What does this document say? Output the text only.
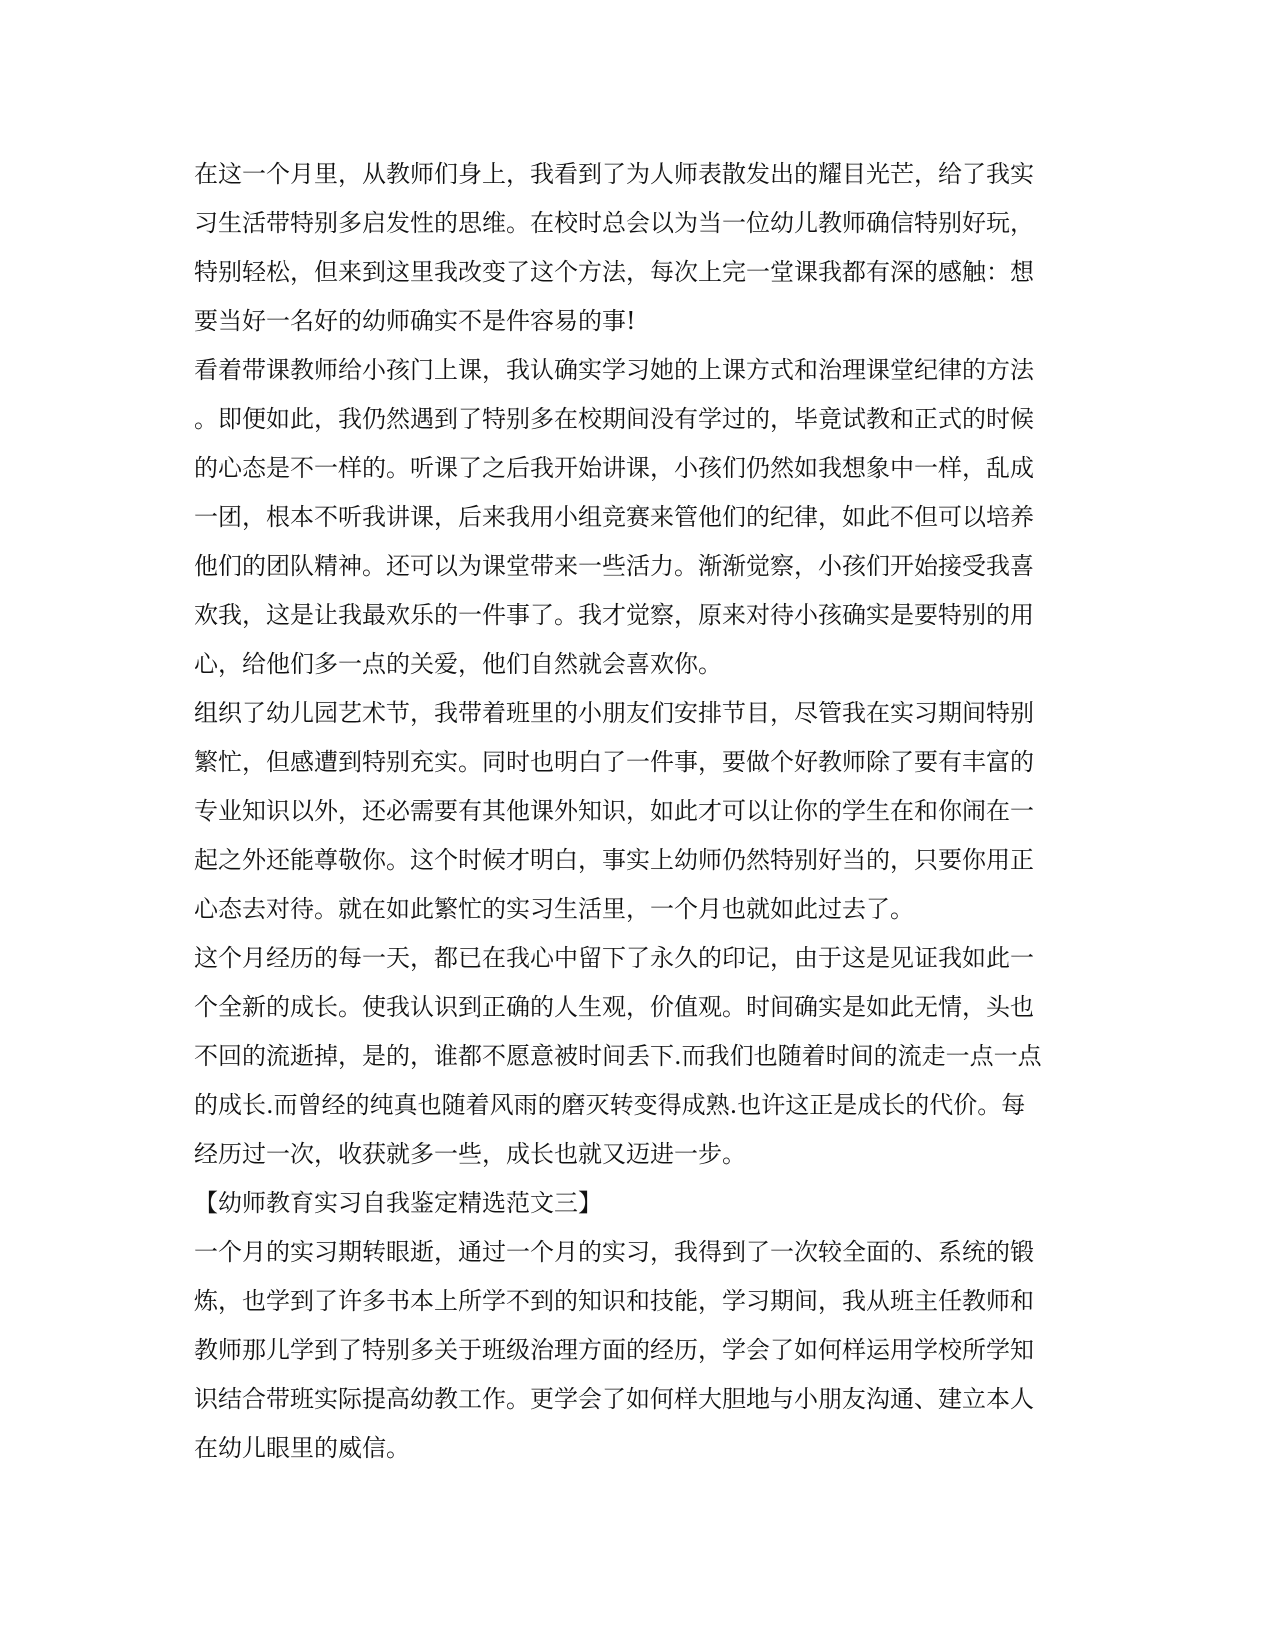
在这一个月里，从教师们身上，我看到了为人师表散发出的耀目光芒，给了我实
习生活带特别多启发性的思维。在校时总会以为当一位幼儿教师确信特别好玩，
特别轻松，但来到这里我改变了这个方法，每次上完一堂课我都有深的感触：想
要当好一名好的幼师确实不是件容易的事!
看着带课教师给小孩门上课，我认确实学习她的上课方式和治理课堂纪律的方法
。即便如此，我仍然遇到了特别多在校期间没有学过的，毕竟试教和正式的时候
的心态是不一样的。听课了之后我开始讲课，小孩们仍然如我想象中一样，乱成
一团，根本不听我讲课，后来我用小组竞赛来管他们的纪律，如此不但可以培养
他们的团队精神。还可以为课堂带来一些活力。渐渐觉察，小孩们开始接受我喜
欢我，这是让我最欢乐的一件事了。我才觉察，原来对待小孩确实是要特别的用
心，给他们多一点的关爱，他们自然就会喜欢你。
组织了幼儿园艺术节，我带着班里的小朋友们安排节目，尽管我在实习期间特别
繁忙，但感遭到特别充实。同时也明白了一件事，要做个好教师除了要有丰富的
专业知识以外，还必需要有其他课外知识，如此才可以让你的学生在和你闹在一
起之外还能尊敬你。这个时候才明白，事实上幼师仍然特别好当的，只要你用正
心态去对待。就在如此繁忙的实习生活里，一个月也就如此过去了。
这个月经历的每一天，都已在我心中留下了永久的印记，由于这是见证我如此一
个全新的成长。使我认识到正确的人生观，价值观。时间确实是如此无情，头也
不回的流逝掉，是的，谁都不愿意被时间丢下.而我们也随着时间的流走一点一点
的成长.而曾经的纯真也随着风雨的磨灭转变得成熟.也许这正是成长的代价。每
经历过一次，收获就多一些，成长也就又迈进一步。
【幼师教育实习自我鉴定精选范文三】
一个月的实习期转眼逝，通过一个月的实习，我得到了一次较全面的、系统的锻
炼，也学到了许多书本上所学不到的知识和技能，学习期间，我从班主任教师和
教师那儿学到了特别多关于班级治理方面的经历，学会了如何样运用学校所学知
识结合带班实际提高幼教工作。更学会了如何样大胆地与小朋友沟通、建立本人
在幼儿眼里的威信。
